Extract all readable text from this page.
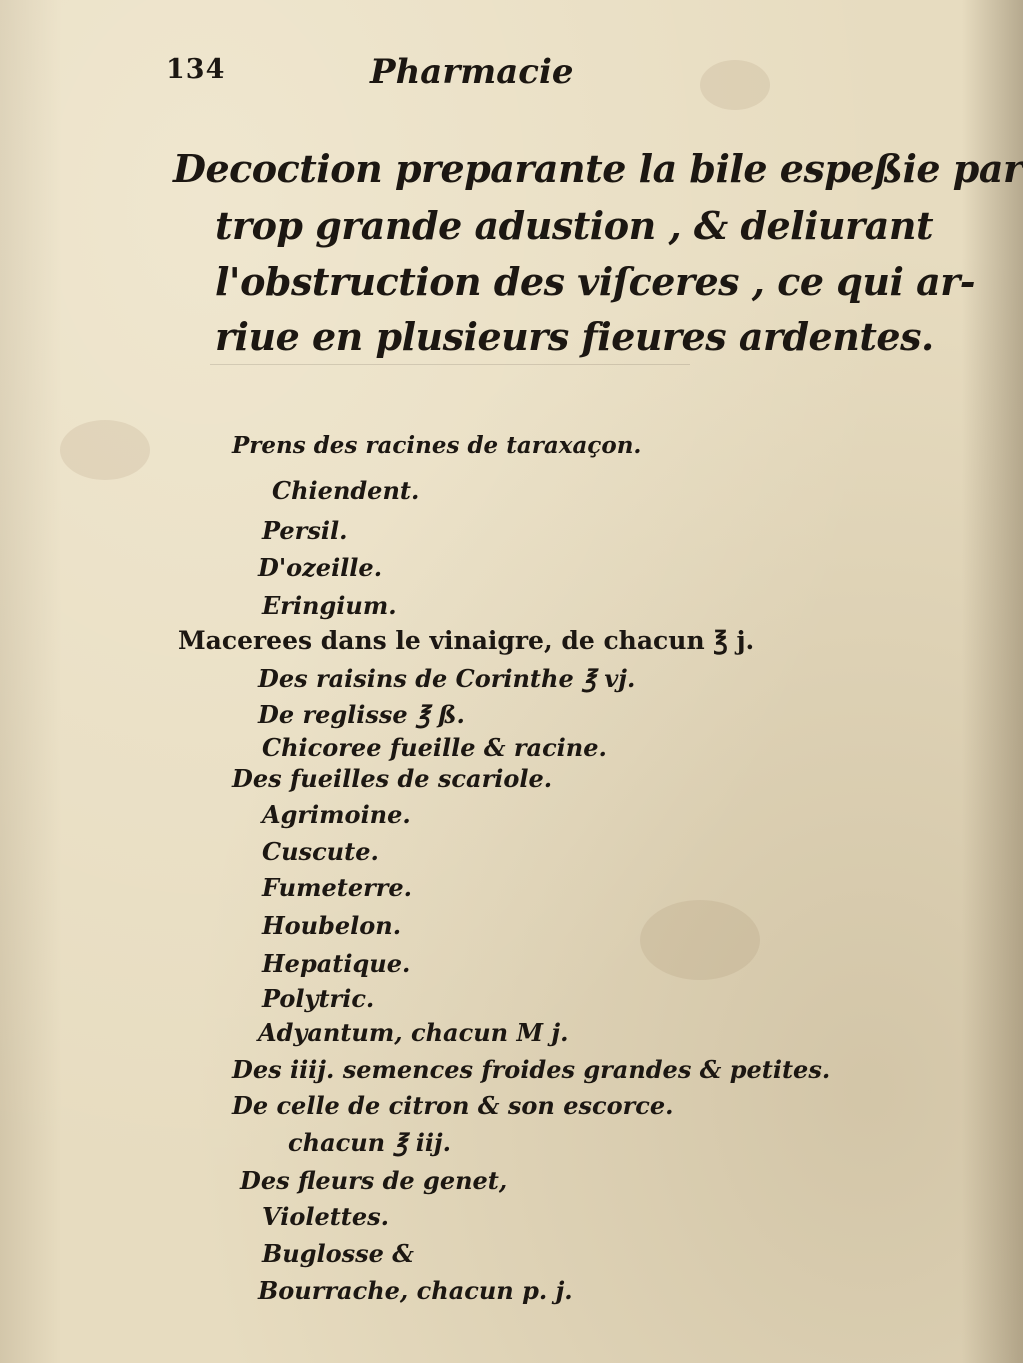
134	Pharmacie
Decoction preparante la bile espeßie par
trop grande adustion , & deliurant
l'obstruction des viſceres , ce qui ar-
riue en plusieurs fieures ardentes.
Prens des racines de taraxaçon.
Chiendent.
Persil.
D'ozeille.
Eringium.
Macerees dans le vinaigre, de chacun ℥ j.
Des raisins de Corinthe ℥ vj.
De reglisse ℥ ß.
Chicoree fueille & racine.
Des fueilles de scariole.
Agrimoine.
Cuscute.
Fumeterre.
Houbelon.
Hepatique.
Polytric.
Adyantum, chacun M j.
Des iiij. semences froides grandes & petites.
De celle de citron & son escorce.
chacun ℥ iij.
Des fleurs de genet,
Violettes.
Buglosse &
Bourrache, chacun p. j.
